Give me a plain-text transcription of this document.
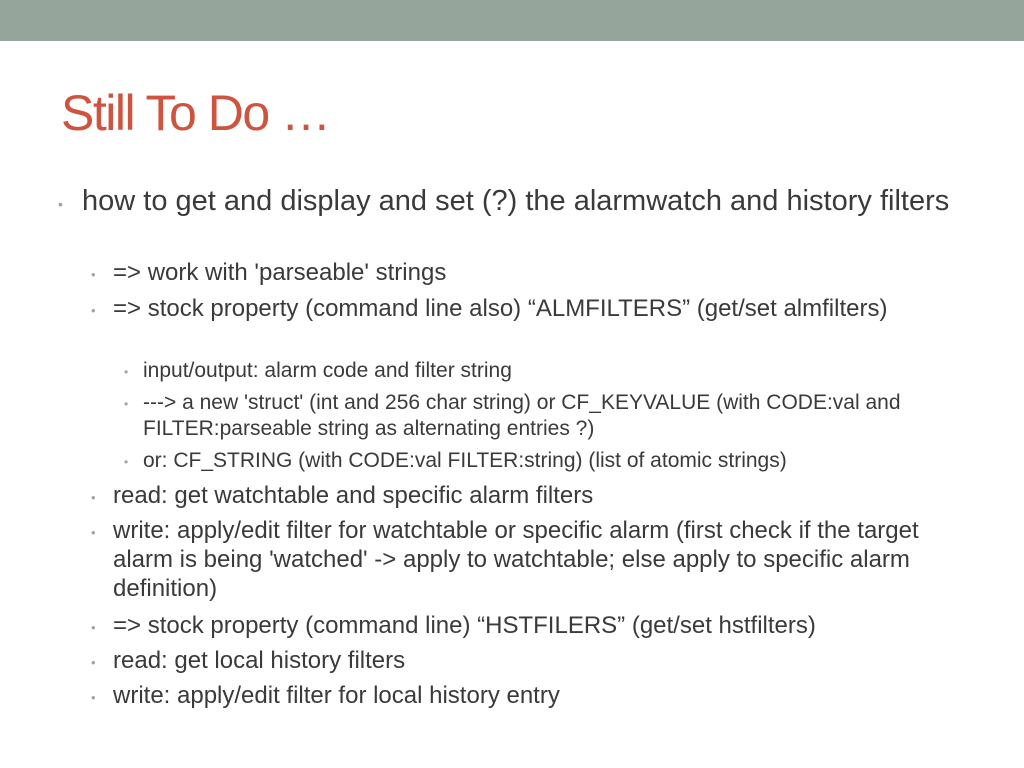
Still To Do …
• how to get and display and set (?) the alarmwatch and history filters
• => work with 'parseable' strings
• => stock property (command line also) “ALMFILTERS” (get/set almfilters)
• input/output: alarm code and filter string
• ---> a new 'struct' (int and 256 char string) or CF_KEYVALUE (with CODE:val and FILTER:parseable string as alternating entries ?)
• or: CF_STRING (with CODE:val FILTER:string) (list of atomic strings)
• read: get watchtable and specific alarm filters
• write: apply/edit filter for watchtable or specific alarm (first check if the target alarm is being 'watched' -> apply to watchtable; else apply to specific alarm definition)
• => stock property (command line) “HSTFILERS” (get/set hstfilters)
• read: get local history filters
• write: apply/edit filter for local history entry
